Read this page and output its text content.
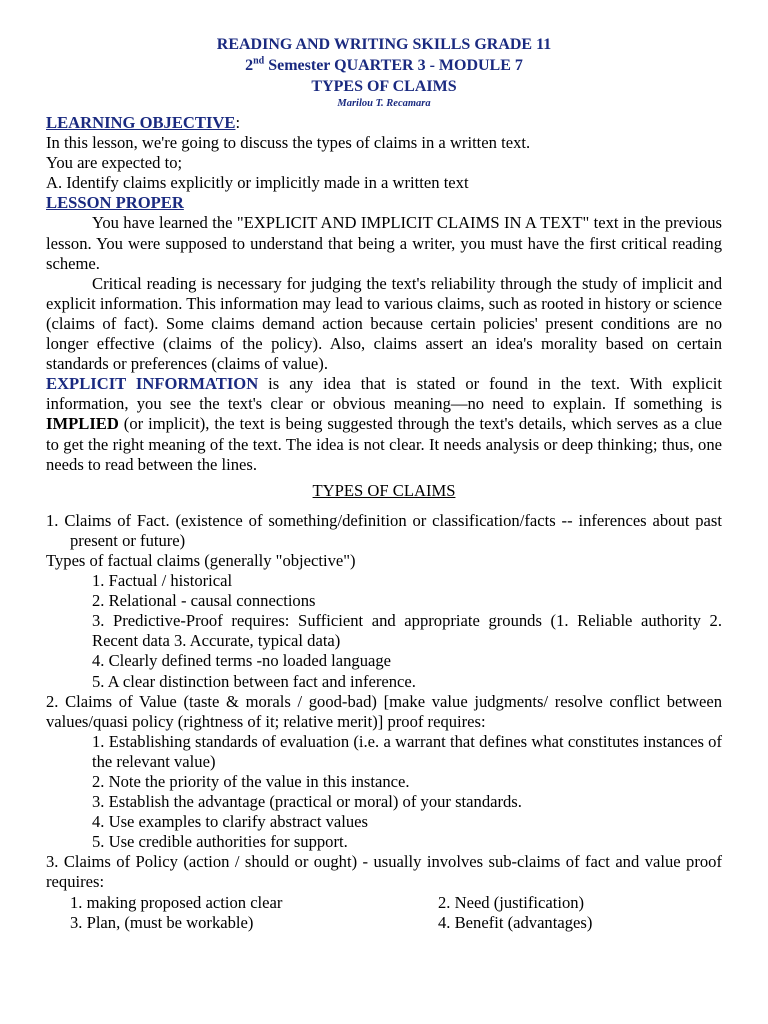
READING AND WRITING SKILLS GRADE 11
2nd Semester QUARTER 3 - MODULE 7
TYPES OF CLAIMS
Marilou T. Recamara
LEARNING OBJECTIVE:
In this lesson, we're going to discuss the types of claims in a written text.
You are expected to;
A. Identify claims explicitly or implicitly made in a written text
LESSON PROPER
You have learned the "EXPLICIT AND IMPLICIT CLAIMS IN A TEXT" text in the previous lesson. You were supposed to understand that being a writer, you must have the first critical reading scheme.
Critical reading is necessary for judging the text's reliability through the study of implicit and explicit information. This information may lead to various claims, such as rooted in history or science (claims of fact). Some claims demand action because certain policies' present conditions are no longer effective (claims of the policy). Also, claims assert an idea's morality based on certain standards or preferences (claims of value).
EXPLICIT INFORMATION is any idea that is stated or found in the text. With explicit information, you see the text's clear or obvious meaning—no need to explain. If something is IMPLIED (or implicit), the text is being suggested through the text's details, which serves as a clue to get the right meaning of the text. The idea is not clear. It needs analysis or deep thinking; thus, one needs to read between the lines.
TYPES OF CLAIMS
1. Claims of Fact. (existence of something/definition or classification/facts -- inferences about past present or future)
Types of factual claims (generally "objective")
1. Factual / historical
2. Relational - causal connections
3. Predictive-Proof requires: Sufficient and appropriate grounds (1. Reliable authority 2. Recent data 3. Accurate, typical data)
4. Clearly defined terms -no loaded language
5. A clear distinction between fact and inference.
2. Claims of Value (taste & morals / good-bad) [make value judgments/ resolve conflict between values/quasi policy (rightness of it; relative merit)] proof requires:
1. Establishing standards of evaluation (i.e. a warrant that defines what constitutes instances of the relevant value)
2. Note the priority of the value in this instance.
3. Establish the advantage (practical or moral) of your standards.
4. Use examples to clarify abstract values
5. Use credible authorities for support.
3. Claims of Policy (action / should or ought) - usually involves sub-claims of fact and value proof requires:
1. making proposed action clear	2. Need (justification)
3. Plan, (must be workable)	4. Benefit (advantages)
